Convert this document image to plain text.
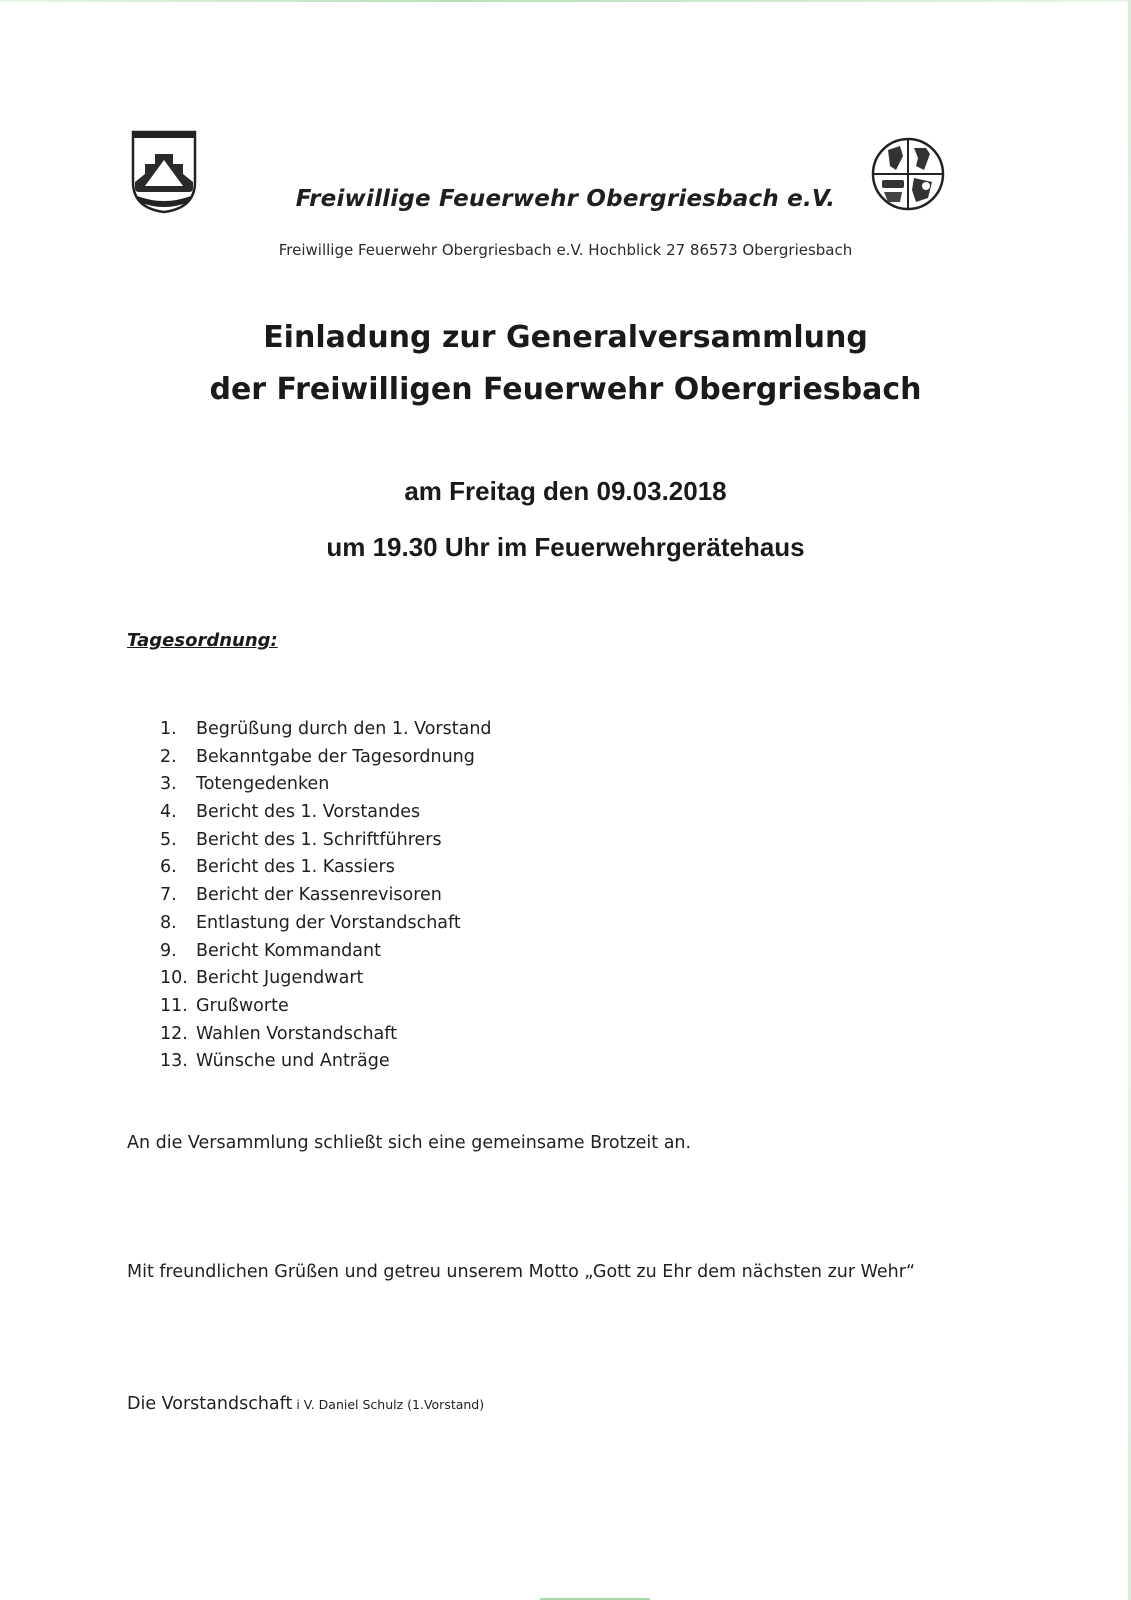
Freiwillige Feuerwehr Obergriesbach e.V.
Freiwillige Feuerwehr Obergriesbach e.V. Hochblick 27 86573 Obergriesbach
Einladung zur Generalversammlung
der Freiwilligen Feuerwehr Obergriesbach
am Freitag den 09.03.2018
um 19.30 Uhr im Feuerwehrgerätehaus
Tagesordnung:
1.	Begrüßung durch den 1. Vorstand
2.	Bekanntgabe der Tagesordnung
3.	Totengedenken
4.	Bericht des 1. Vorstandes
5.	Bericht des 1. Schriftführers
6.	Bericht des 1. Kassiers
7.	Bericht der Kassenrevisoren
8.	Entlastung der Vorstandschaft
9.	Bericht Kommandant
10. Bericht Jugendwart
11. Grußworte
12. Wahlen Vorstandschaft
13. Wünsche und Anträge
An die Versammlung schließt sich eine gemeinsame Brotzeit an.
Mit freundlichen Grüßen und getreu unserem Motto „Gott zu Ehr dem nächsten zur Wehr“
Die Vorstandschaft i V. Daniel Schulz (1.Vorstand)
